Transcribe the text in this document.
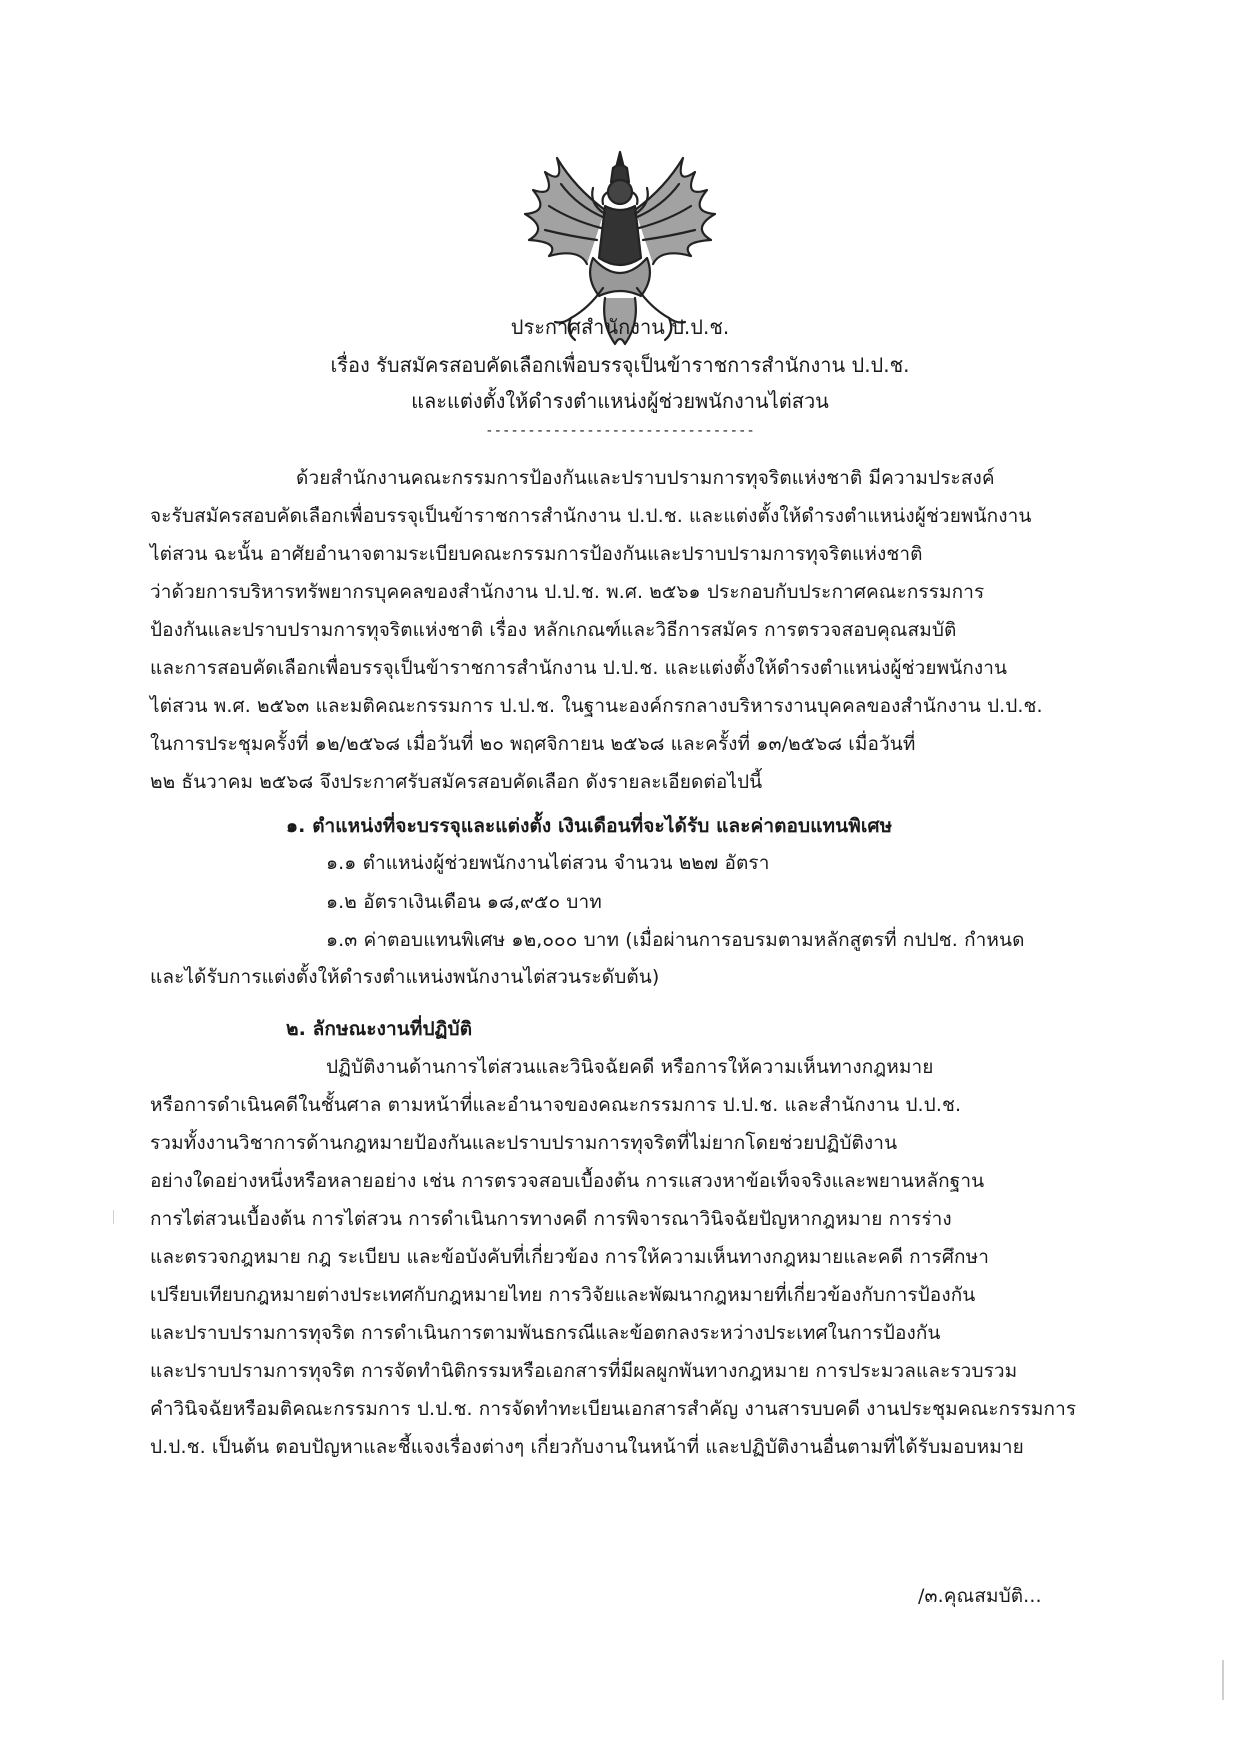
ประกาศสำนักงาน ป.ป.ช.
เรื่อง รับสมัครสอบคัดเลือกเพื่อบรรจุเป็นข้าราชการสำนักงาน ป.ป.ช.
และแต่งตั้งให้ดำรงตำแหน่งผู้ช่วยพนักงานไต่สวน
--------------------------------
ด้วยสำนักงานคณะกรรมการป้องกันและปราบปรามการทุจริตแห่งชาติ มีความประสงค์
จะรับสมัครสอบคัดเลือกเพื่อบรรจุเป็นข้าราชการสำนักงาน ป.ป.ช. และแต่งตั้งให้ดำรงตำแหน่งผู้ช่วยพนักงาน
ไต่สวน ฉะนั้น อาศัยอำนาจตามระเบียบคณะกรรมการป้องกันและปราบปรามการทุจริตแห่งชาติ
ว่าด้วยการบริหารทรัพยากรบุคคลของสำนักงาน ป.ป.ช. พ.ศ. ๒๕๖๑ ประกอบกับประกาศคณะกรรมการ
ป้องกันและปราบปรามการทุจริตแห่งชาติ เรื่อง หลักเกณฑ์และวิธีการสมัคร การตรวจสอบคุณสมบัติ
และการสอบคัดเลือกเพื่อบรรจุเป็นข้าราชการสำนักงาน ป.ป.ช. และแต่งตั้งให้ดำรงตำแหน่งผู้ช่วยพนักงาน
ไต่สวน พ.ศ. ๒๕๖๓ และมติคณะกรรมการ ป.ป.ช. ในฐานะองค์กรกลางบริหารงานบุคคลของสำนักงาน ป.ป.ช.
ในการประชุมครั้งที่ ๑๒/๒๕๖๘ เมื่อวันที่ ๒๐ พฤศจิกายน ๒๕๖๘ และครั้งที่ ๑๓/๒๕๖๘ เมื่อวันที่
๒๒ ธันวาคม ๒๕๖๘ จึงประกาศรับสมัครสอบคัดเลือก ดังรายละเอียดต่อไปนี้
๑. ตำแหน่งที่จะบรรจุและแต่งตั้ง เงินเดือนที่จะได้รับ และค่าตอบแทนพิเศษ
๑.๑ ตำแหน่งผู้ช่วยพนักงานไต่สวน จำนวน ๒๒๗ อัตรา
๑.๒ อัตราเงินเดือน ๑๘,๙๕๐ บาท
๑.๓ ค่าตอบแทนพิเศษ ๑๒,๐๐๐ บาท (เมื่อผ่านการอบรมตามหลักสูตรที่ กปปช. กำหนด
และได้รับการแต่งตั้งให้ดำรงตำแหน่งพนักงานไต่สวนระดับต้น)
๒. ลักษณะงานที่ปฏิบัติ
ปฏิบัติงานด้านการไต่สวนและวินิจฉัยคดี หรือการให้ความเห็นทางกฎหมาย
หรือการดำเนินคดีในชั้นศาล ตามหน้าที่และอำนาจของคณะกรรมการ ป.ป.ช. และสำนักงาน ป.ป.ช.
รวมทั้งงานวิชาการด้านกฎหมายป้องกันและปราบปรามการทุจริตที่ไม่ยากโดยช่วยปฏิบัติงาน
อย่างใดอย่างหนึ่งหรือหลายอย่าง เช่น การตรวจสอบเบื้องต้น การแสวงหาข้อเท็จจริงและพยานหลักฐาน
การไต่สวนเบื้องต้น การไต่สวน การดำเนินการทางคดี การพิจารณาวินิจฉัยปัญหากฎหมาย การร่าง
และตรวจกฎหมาย กฎ ระเบียบ และข้อบังคับที่เกี่ยวข้อง การให้ความเห็นทางกฎหมายและคดี การศึกษา
เปรียบเทียบกฎหมายต่างประเทศกับกฎหมายไทย การวิจัยและพัฒนากฎหมายที่เกี่ยวข้องกับการป้องกัน
และปราบปรามการทุจริต การดำเนินการตามพันธกรณีและข้อตกลงระหว่างประเทศในการป้องกัน
และปราบปรามการทุจริต การจัดทำนิติกรรมหรือเอกสารที่มีผลผูกพันทางกฎหมาย การประมวลและรวบรวม
คำวินิจฉัยหรือมติคณะกรรมการ ป.ป.ช. การจัดทำทะเบียนเอกสารสำคัญ งานสารบบคดี งานประชุมคณะกรรมการ
ป.ป.ช. เป็นต้น ตอบปัญหาและชี้แจงเรื่องต่างๆ เกี่ยวกับงานในหน้าที่ และปฏิบัติงานอื่นตามที่ได้รับมอบหมาย
/๓.คุณสมบัติ...
